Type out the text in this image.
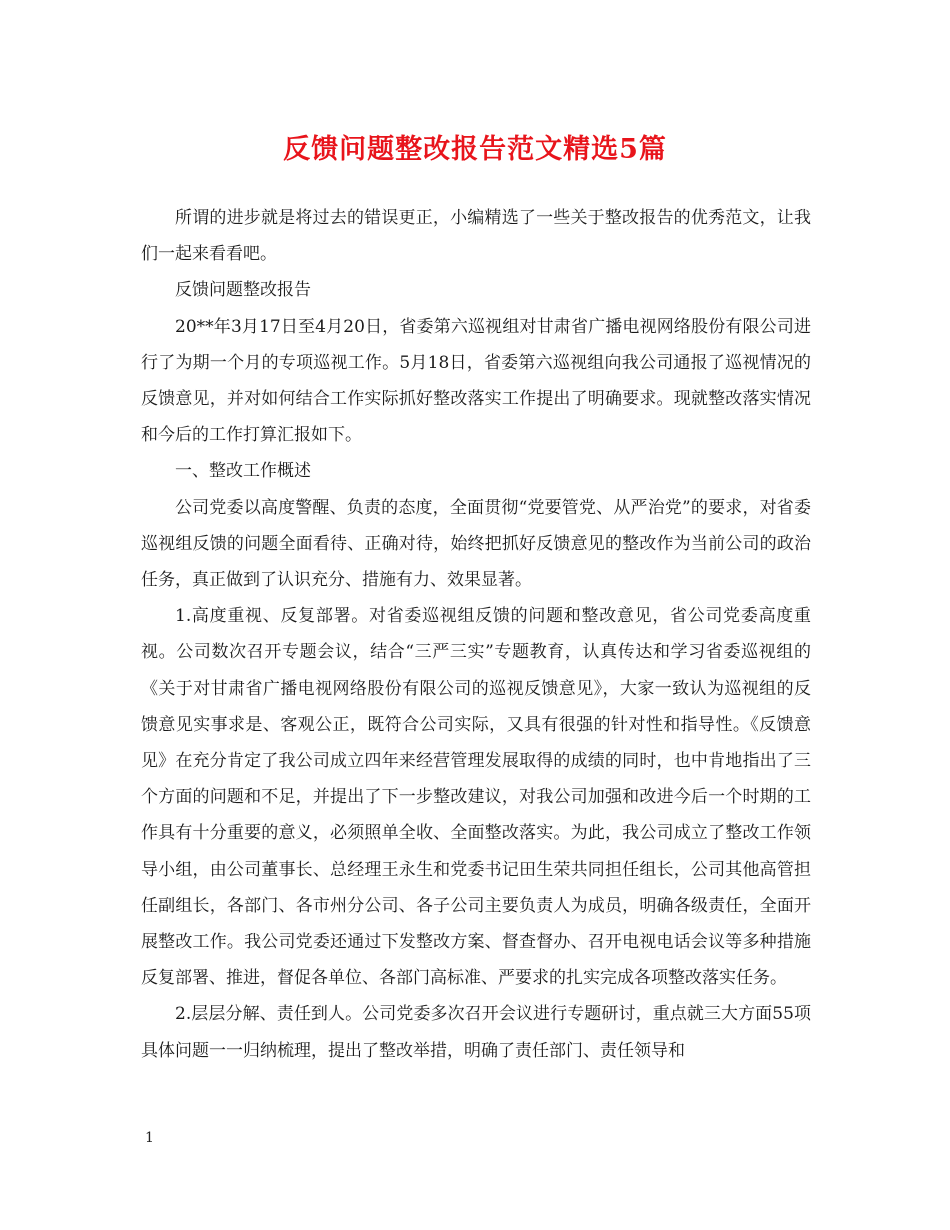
反馈问题整改报告范文精选5篇

所谓的进步就是将过去的错误更正，小编精选了一些关于整改报告的优秀范文，让我们一起来看看吧。

反馈问题整改报告

20**年3月17日至4月20日，省委第六巡视组对甘肃省广播电视网络股份有限公司进行了为期一个月的专项巡视工作。5月18日，省委第六巡视组向我公司通报了巡视情况的反馈意见，并对如何结合工作实际抓好整改落实工作提出了明确要求。现就整改落实情况和今后的工作打算汇报如下。

一、整改工作概述

公司党委以高度警醒、负责的态度，全面贯彻“党要管党、从严治党”的要求，对省委巡视组反馈的问题全面看待、正确对待，始终把抓好反馈意见的整改作为当前公司的政治任务，真正做到了认识充分、措施有力、效果显著。

1.高度重视、反复部署。对省委巡视组反馈的问题和整改意见，省公司党委高度重视。公司数次召开专题会议，结合“三严三实”专题教育，认真传达和学习省委巡视组的《关于对甘肃省广播电视网络股份有限公司的巡视反馈意见》，大家一致认为巡视组的反馈意见实事求是、客观公正，既符合公司实际，又具有很强的针对性和指导性。《反馈意见》在充分肯定了我公司成立四年来经营管理发展取得的成绩的同时，也中肯地指出了三个方面的问题和不足，并提出了下一步整改建议，对我公司加强和改进今后一个时期的工作具有十分重要的意义，必须照单全收、全面整改落实。为此，我公司成立了整改工作领导小组，由公司董事长、总经理王永生和党委书记田生荣共同担任组长，公司其他高管担任副组长，各部门、各市州分公司、各子公司主要负责人为成员，明确各级责任，全面开展整改工作。我公司党委还通过下发整改方案、督查督办、召开电视电话会议等多种措施反复部署、推进，督促各单位、各部门高标准、严要求的扎实完成各项整改落实任务。

2.层层分解、责任到人。公司党委多次召开会议进行专题研讨，重点就三大方面55项具体问题一一归纳梳理，提出了整改举措，明确了责任部门、责任领导和

1
